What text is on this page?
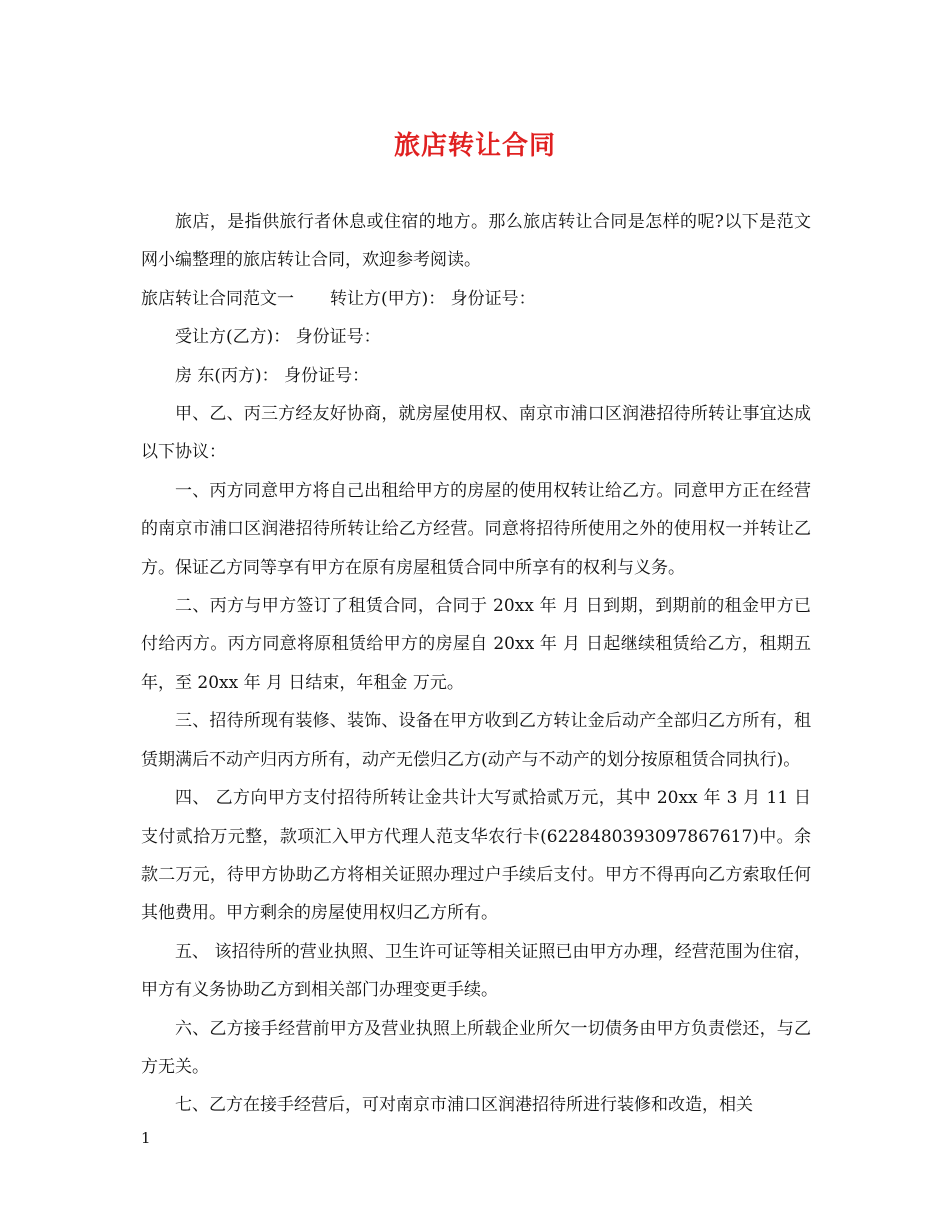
旅店转让合同

旅店，是指供旅行者休息或住宿的地方。那么旅店转让合同是怎样的呢?以下是范文网小编整理的旅店转让合同，欢迎参考阅读。

旅店转让合同范文一 转让方(甲方)： 身份证号：

受让方(乙方)： 身份证号：

房 东(丙方)： 身份证号：

甲、乙、丙三方经友好协商，就房屋使用权、南京市浦口区润港招待所转让事宜达成以下协议：

一、丙方同意甲方将自己出租给甲方的房屋的使用权转让给乙方。同意甲方正在经营的南京市浦口区润港招待所转让给乙方经营。同意将招待所使用之外的使用权一并转让乙方。保证乙方同等享有甲方在原有房屋租赁合同中所享有的权利与义务。

二、丙方与甲方签订了租赁合同，合同于 20xx 年 月 日到期，到期前的租金甲方已付给丙方。丙方同意将原租赁给甲方的房屋自 20xx 年 月 日起继续租赁给乙方，租期五年，至 20xx 年 月 日结束，年租金 万元。

三、招待所现有装修、装饰、设备在甲方收到乙方转让金后动产全部归乙方所有，租赁期满后不动产归丙方所有，动产无偿归乙方(动产与不动产的划分按原租赁合同执行)。

四、 乙方向甲方支付招待所转让金共计大写贰拾贰万元，其中 20xx 年 3 月 11 日支付贰拾万元整，款项汇入甲方代理人范支华农行卡(6228480393097867617)中。余款二万元，待甲方协助乙方将相关证照办理过户手续后支付。甲方不得再向乙方索取任何其他费用。甲方剩余的房屋使用权归乙方所有。

五、 该招待所的营业执照、卫生许可证等相关证照已由甲方办理，经营范围为住宿，甲方有义务协助乙方到相关部门办理变更手续。

六、乙方接手经营前甲方及营业执照上所载企业所欠一切债务由甲方负责偿还，与乙方无关。

七、乙方在接手经营后，可对南京市浦口区润港招待所进行装修和改造，相关

1
